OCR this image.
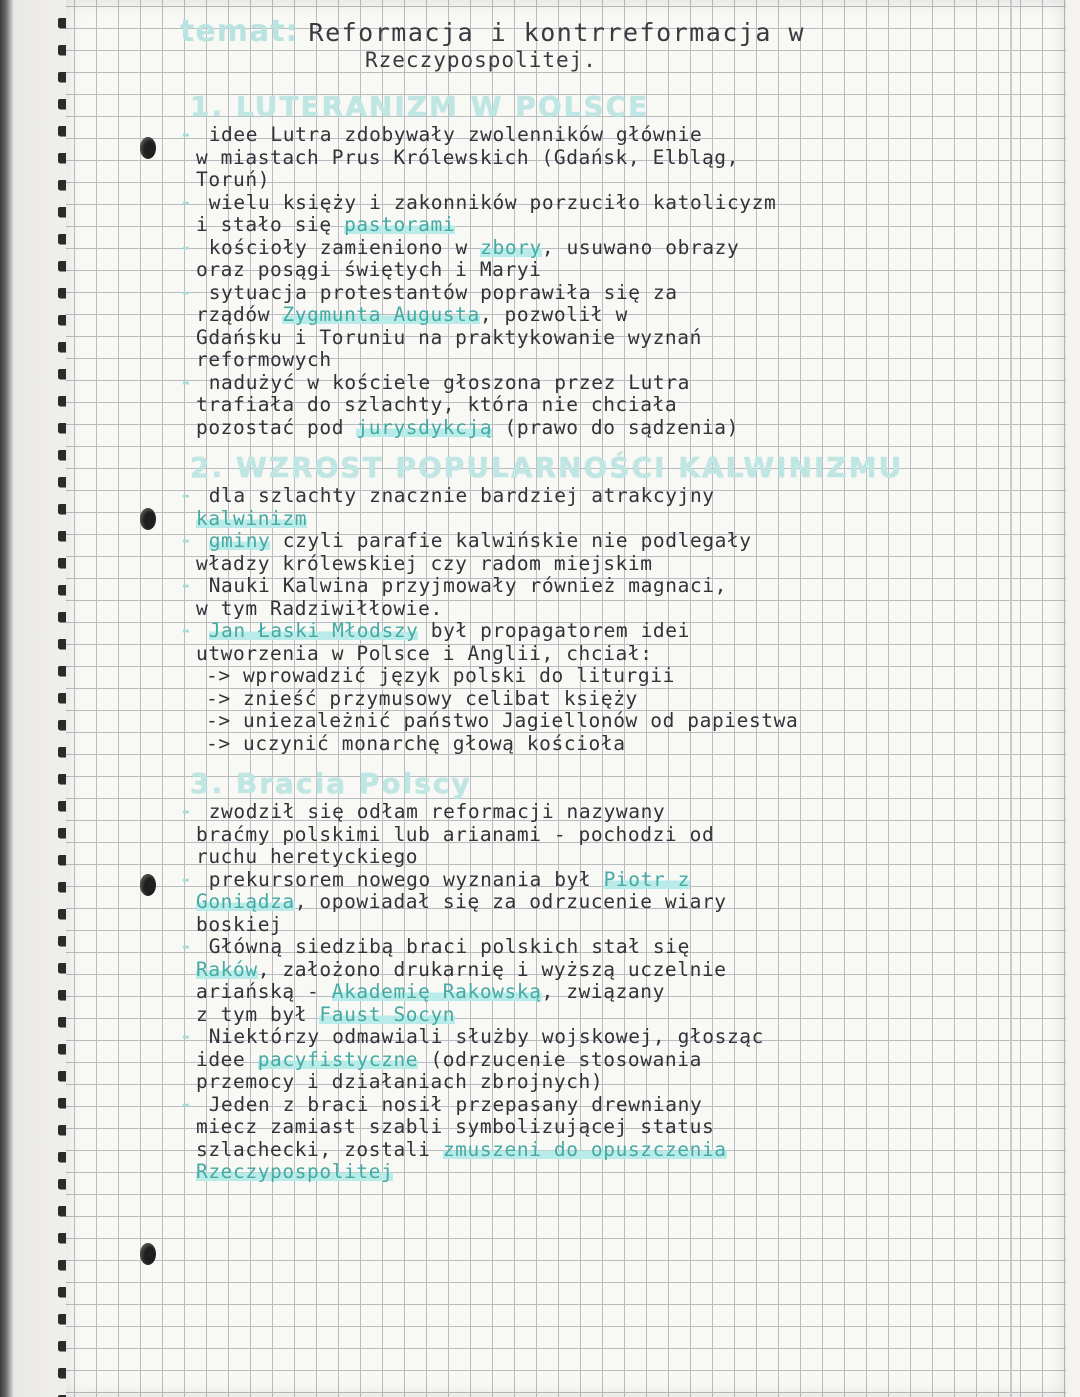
temat: Reformacja i kontrreformacja w
Rzeczypospolitej.
1. LUTERANIZM W POLSCE
- idee Lutra zdobywały zwolenników głównie
w miastach Prus Królewskich (Gdańsk, Elbląg,
Toruń)
- wielu księży i zakonników porzuciło katolicyzm
i stało się pastorami
- kościoły zamieniono w zbory, usuwano obrazy
oraz posągi świętych i Maryi
- sytuacja protestantów poprawiła się za
rządów Zygmunta Augusta, pozwolił w
Gdańsku i Toruniu na praktykowanie wyznań
reformowych
- nadużyć w kościele głoszona przez Lutra
trafiała do szlachty, która nie chciała
pozostać pod jurysdykcją (prawo do sądzenia)
2. WZROST POPULARNOŚCI KALWINIZMU
- dla szlachty znacznie bardziej atrakcyjny
kalwinizm
- gminy czyli parafie kalwińskie nie podlegały
władzy królewskiej czy radom miejskim
- Nauki Kalwina przyjmowały również magnaci,
w tym Radziwiłłowie.
- Jan Łaski Młodszy był propagatorem idei
utworzenia w Polsce i Anglii, chciał:
-> wprowadzić język polski do liturgii
-> znieść przymusowy celibat księży
-> uniezależnić państwo Jagiellonów od papiestwa
-> uczynić monarchę głową kościoła
3. Bracia Polscy
- zwodził się odłam reformacji nazywany
braćmy polskimi lub arianami - pochodzi od
ruchu heretyckiego
- prekursorem nowego wyznania był Piotr z
Goniądza, opowiadał się za odrzucenie wiary
boskiej
- Główną siedzibą braci polskich stał się
Raków, założono drukarnię i wyższą uczelnie
ariańską - Akademię Rakowską, związany
z tym był Faust Socyn
- Niektórzy odmawiali służby wojskowej, głosząc
idee pacyfistyczne (odrzucenie stosowania
przemocy i działaniach zbrojnych)
- Jeden z braci nosił przepasany drewniany
miecz zamiast szabli symbolizującej status
szlachecki, zostali zmuszeni do opuszczenia
Rzeczypospolitej
